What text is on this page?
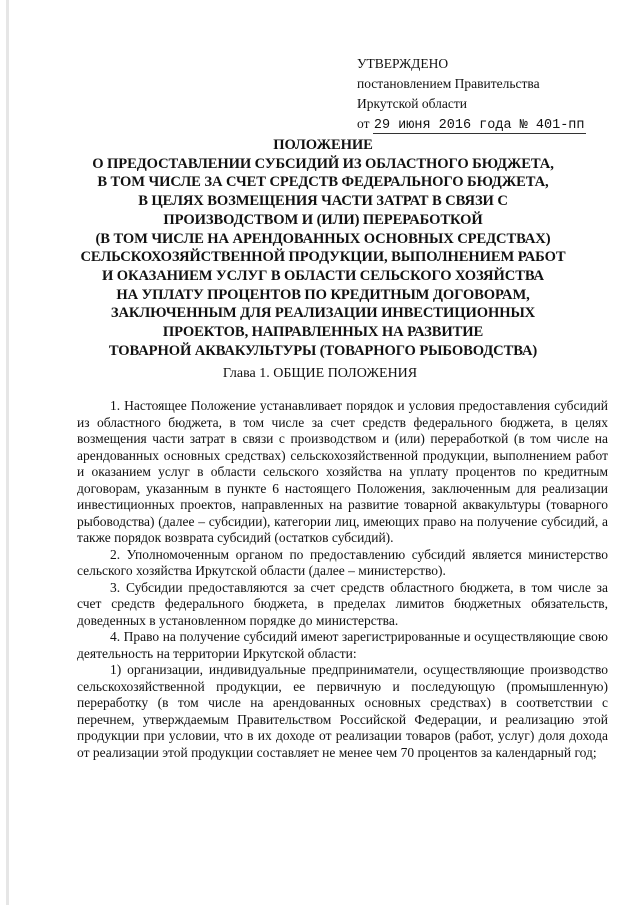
УТВЕРЖДЕНО
постановлением Правительства
Иркутской области
от 29 июня 2016 года № 401-пп
ПОЛОЖЕНИЕ
О ПРЕДОСТАВЛЕНИИ СУБСИДИЙ ИЗ ОБЛАСТНОГО БЮДЖЕТА,
В ТОМ ЧИСЛЕ ЗА СЧЕТ СРЕДСТВ ФЕДЕРАЛЬНОГО БЮДЖЕТА,
В ЦЕЛЯХ ВОЗМЕЩЕНИЯ ЧАСТИ ЗАТРАТ В СВЯЗИ С
ПРОИЗВОДСТВОМ И (ИЛИ) ПЕРЕРАБОТКОЙ
(В ТОМ ЧИСЛЕ НА АРЕНДОВАННЫХ ОСНОВНЫХ СРЕДСТВАХ)
СЕЛЬСКОХОЗЯЙСТВЕННОЙ ПРОДУКЦИИ, ВЫПОЛНЕНИЕМ РАБОТ
И ОКАЗАНИЕМ УСЛУГ В ОБЛАСТИ СЕЛЬСКОГО ХОЗЯЙСТВА
НА УПЛАТУ ПРОЦЕНТОВ ПО КРЕДИТНЫМ ДОГОВОРАМ,
ЗАКЛЮЧЕННЫМ ДЛЯ РЕАЛИЗАЦИИ ИНВЕСТИЦИОННЫХ
ПРОЕКТОВ, НАПРАВЛЕННЫХ НА РАЗВИТИЕ
ТОВАРНОЙ АКВАКУЛЬТУРЫ (ТОВАРНОГО РЫБОВОДСТВА)
Глава 1. ОБЩИЕ ПОЛОЖЕНИЯ

1. Настоящее Положение устанавливает порядок и условия предоставления субсидий из областного бюджета, в том числе за счет средств федерального бюджета, в целях возмещения части затрат в связи с производством и (или) переработкой (в том числе на арендованных основных средствах) сельскохозяйственной продукции, выполнением работ и оказанием услуг в области сельского хозяйства на уплату процентов по кредитным договорам, указанным в пункте 6 настоящего Положения, заключенным для реализации инвестиционных проектов, направленных на развитие товарной аквакультуры (товарного рыбоводства) (далее – субсидии), категории лиц, имеющих право на получение субсидий, а также порядок возврата субсидий (остатков субсидий).

2. Уполномоченным органом по предоставлению субсидий является министерство сельского хозяйства Иркутской области (далее – министерство).

3. Субсидии предоставляются за счет средств областного бюджета, в том числе за счет средств федерального бюджета, в пределах лимитов бюджетных обязательств, доведенных в установленном порядке до министерства.

4. Право на получение субсидий имеют зарегистрированные и осуществляющие свою деятельность на территории Иркутской области:

1) организации, индивидуальные предприниматели, осуществляющие производство сельскохозяйственной продукции, ее первичную и последующую (промышленную) переработку (в том числе на арендованных основных средствах) в соответствии с перечнем, утверждаемым Правительством Российской Федерации, и реализацию этой продукции при условии, что в их доходе от реализации товаров (работ, услуг) доля дохода от реализации этой продукции составляет не менее чем 70 процентов за календарный год;
